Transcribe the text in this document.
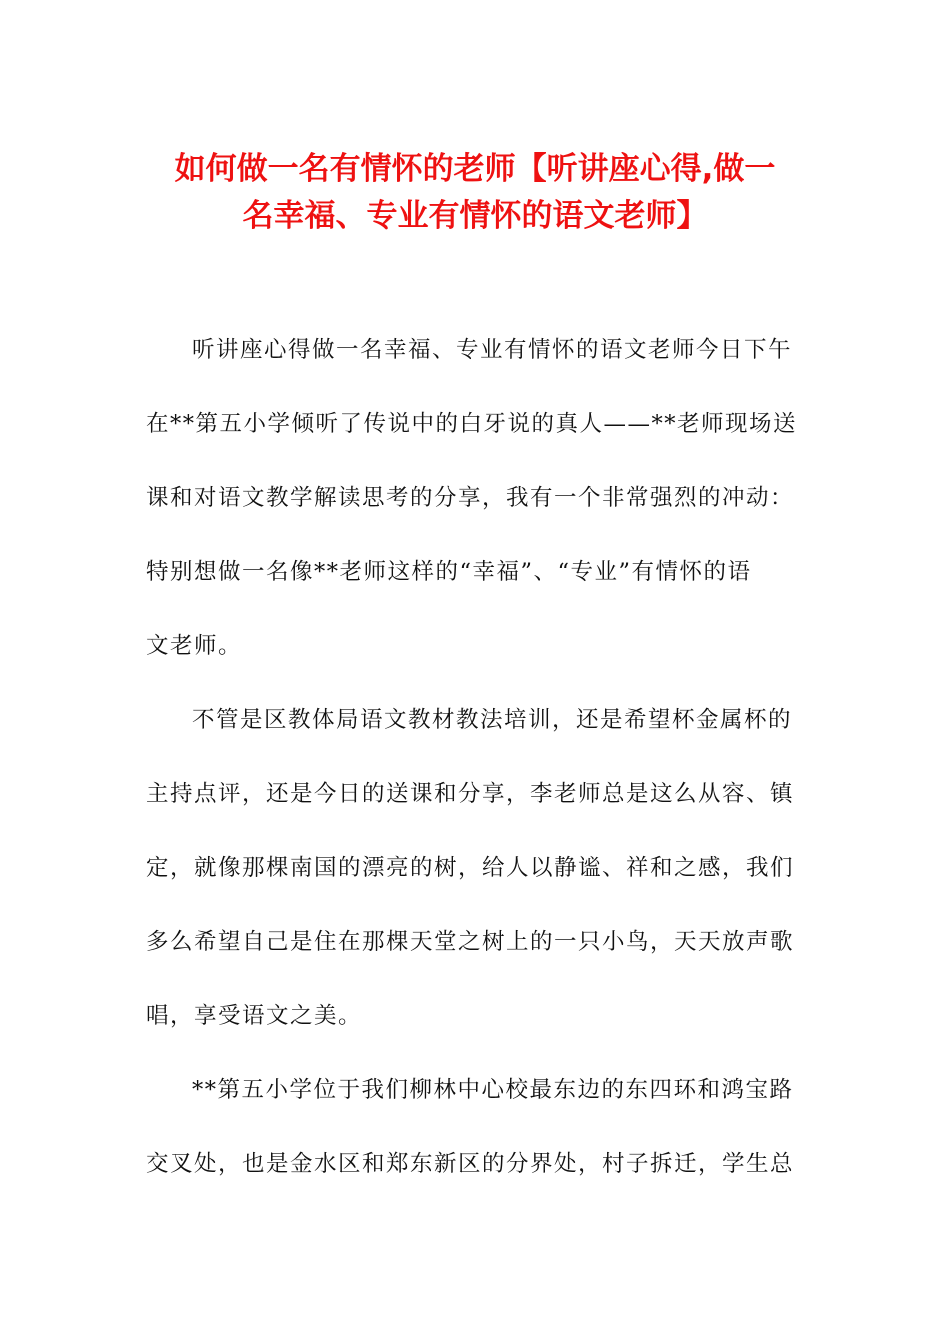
如何做一名有情怀的老师【听讲座心得,做一
名幸福、专业有情怀的语文老师】
听讲座心得做一名幸福、专业有情怀的语文老师今日下午
在**第五小学倾听了传说中的白牙说的真人——**老师现场送
课和对语文教学解读思考的分享，我有一个非常强烈的冲动：
特别想做一名像**老师这样的“幸福”、“专业”有情怀的语
文老师。
不管是区教体局语文教材教法培训，还是希望杯金属杯的
主持点评，还是今日的送课和分享，李老师总是这么从容、镇
定，就像那棵南国的漂亮的树，给人以静谧、祥和之感，我们
多么希望自己是住在那棵天堂之树上的一只小鸟，天天放声歌
唱，享受语文之美。
**第五小学位于我们柳林中心校最东边的东四环和鸿宝路
交叉处，也是金水区和郑东新区的分界处，村子拆迁，学生总
